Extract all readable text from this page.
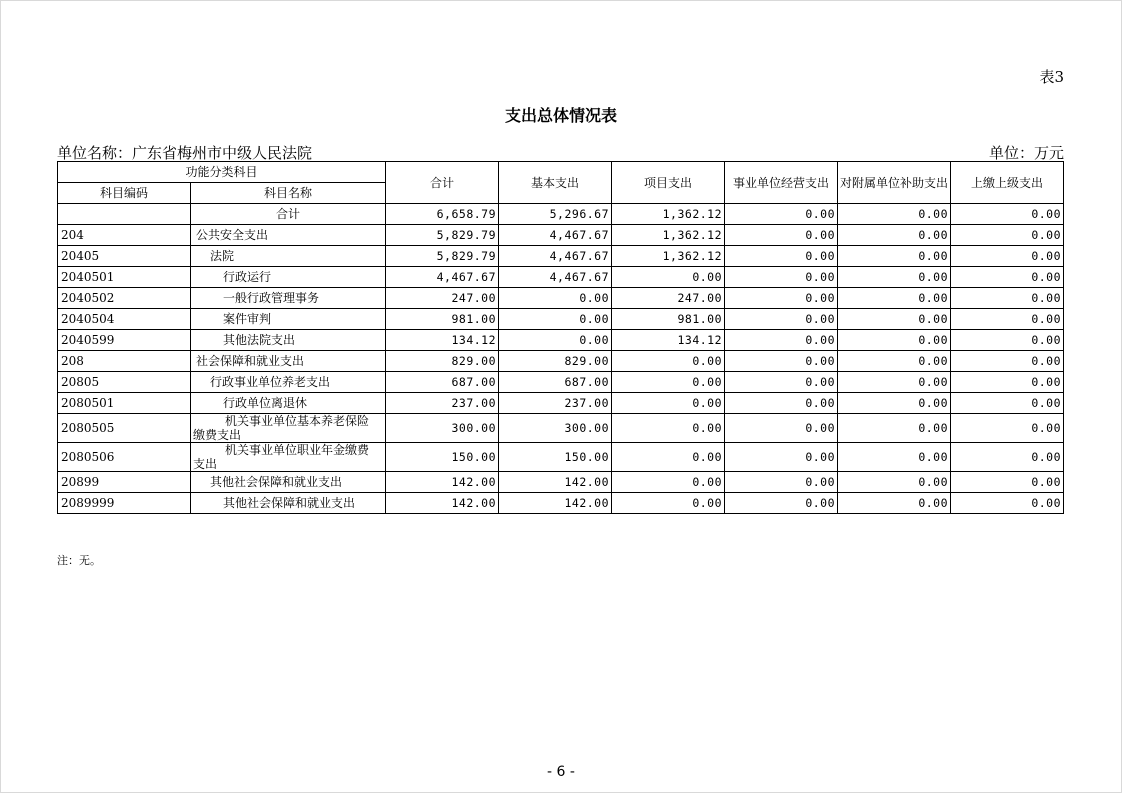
表3
支出总体情况表
单位名称：广东省梅州市中级人民法院	单位：万元
功能分类科目		合计	基本支出	项目支出	事业单位经营支出	对附属单位补助支出	上缴上级支出
科目编码	科目名称						
	合计	6,658.79	5,296.67	1,362.12	0.00	0.00	0.00
204	公共安全支出	5,829.79	4,467.67	1,362.12	0.00	0.00	0.00
20405	法院	5,829.79	4,467.67	1,362.12	0.00	0.00	0.00
2040501	行政运行	4,467.67	4,467.67	0.00	0.00	0.00	0.00
2040502	一般行政管理事务	247.00	0.00	247.00	0.00	0.00	0.00
2040504	案件审判	981.00	0.00	981.00	0.00	0.00	0.00
2040599	其他法院支出	134.12	0.00	134.12	0.00	0.00	0.00
208	社会保障和就业支出	829.00	829.00	0.00	0.00	0.00	0.00
20805	行政事业单位养老支出	687.00	687.00	0.00	0.00	0.00	0.00
2080501	行政单位离退休	237.00	237.00	0.00	0.00	0.00	0.00
2080505	机关事业单位基本养老保险
缴费支出	300.00	300.00	0.00	0.00	0.00	0.00
2080506	机关事业单位职业年金缴费
支出	150.00	150.00	0.00	0.00	0.00	0.00
20899	其他社会保障和就业支出	142.00	142.00	0.00	0.00	0.00	0.00
2089999	其他社会保障和就业支出	142.00	142.00	0.00	0.00	0.00	0.00
注：无。
- 6 -
